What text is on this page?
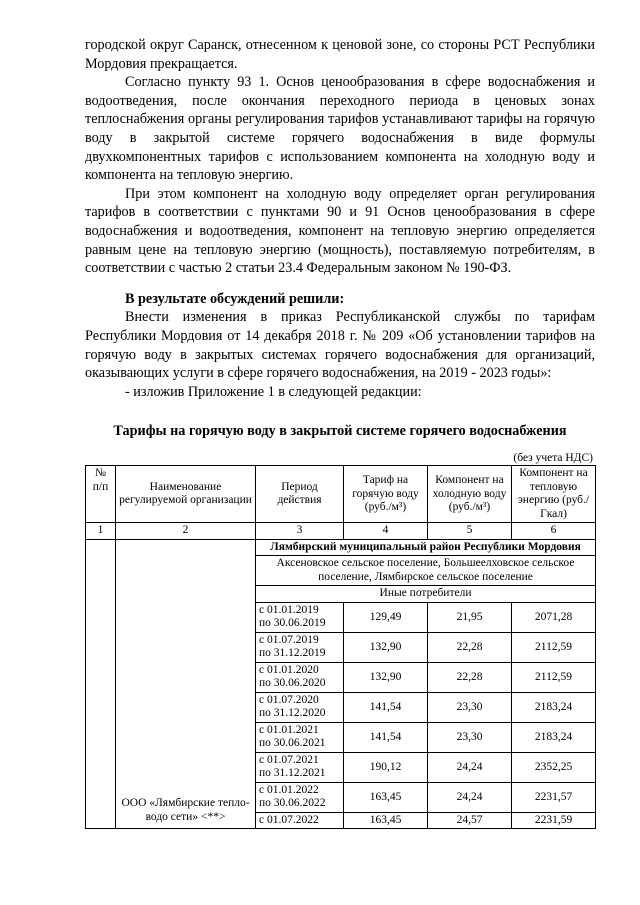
городской округ Саранск, отнесенном к ценовой зоне, со стороны РСТ Республики Мордовия прекращается.

Согласно пункту 93 1. Основ ценообразования в сфере водоснабжения и водоотведения, после окончания переходного периода в ценовых зонах теплоснабжения органы регулирования тарифов устанавливают тарифы на горячую воду в закрытой системе горячего водоснабжения в виде формулы двухкомпонентных тарифов с использованием компонента на холодную воду и компонента на тепловую энергию.

При этом компонент на холодную воду определяет орган регулирования тарифов в соответствии с пунктами 90 и 91 Основ ценообразования в сфере водоснабжения и водоотведения, компонент на тепловую энергию определяется равным цене на тепловую энергию (мощность), поставляемую потребителям, в соответствии с частью 2 статьи 23.4 Федеральным законом № 190-ФЗ.

В результате обсуждений решили:

Внести изменения в приказ Республиканской службы по тарифам Республики Мордовия от 14 декабря 2018 г. № 209 «Об установлении тарифов на горячую воду в закрытых системах горячего водоснабжения для организаций, оказывающих услуги в сфере горячего водоснабжения, на 2019 - 2023 годы»:

- изложив Приложение 1 в следующей редакции:

Тарифы на горячую воду в закрытой системе горячего водоснабжения
(без учета НДС)
№ п/п	Наименование регулируемой организации	Период действия	Тариф на горячую воду (руб./м³)	Компонент на холодную воду (руб./м³)	Компонент на тепловую энергию (руб./Гкал)
1	2	3	4	5	6
	ООО «Лямбирские тепло-водо сети» <**>	Лямбирский муниципальный район Республики Мордовия			
		Аксеновское сельское поселение, Большеелховское сельское поселение, Лямбирское сельское поселение			
		Иные потребители			
		с 01.01.2019
по 30.06.2019	129,49	21,95	2071,28
		с 01.07.2019
по 31.12.2019	132,90	22,28	2112,59
		с 01.01.2020
по 30.06.2020	132,90	22,28	2112,59
		с 01.07.2020
по 31.12.2020	141,54	23,30	2183,24
		с 01.01.2021
по 30.06.2021	141,54	23,30	2183,24
		с 01.07.2021
по 31.12.2021	190,12	24,24	2352,25
		с 01.01.2022
по 30.06.2022	163,45	24,24	2231,57
		с 01.07.2022	163,45	24,57	2231,59
